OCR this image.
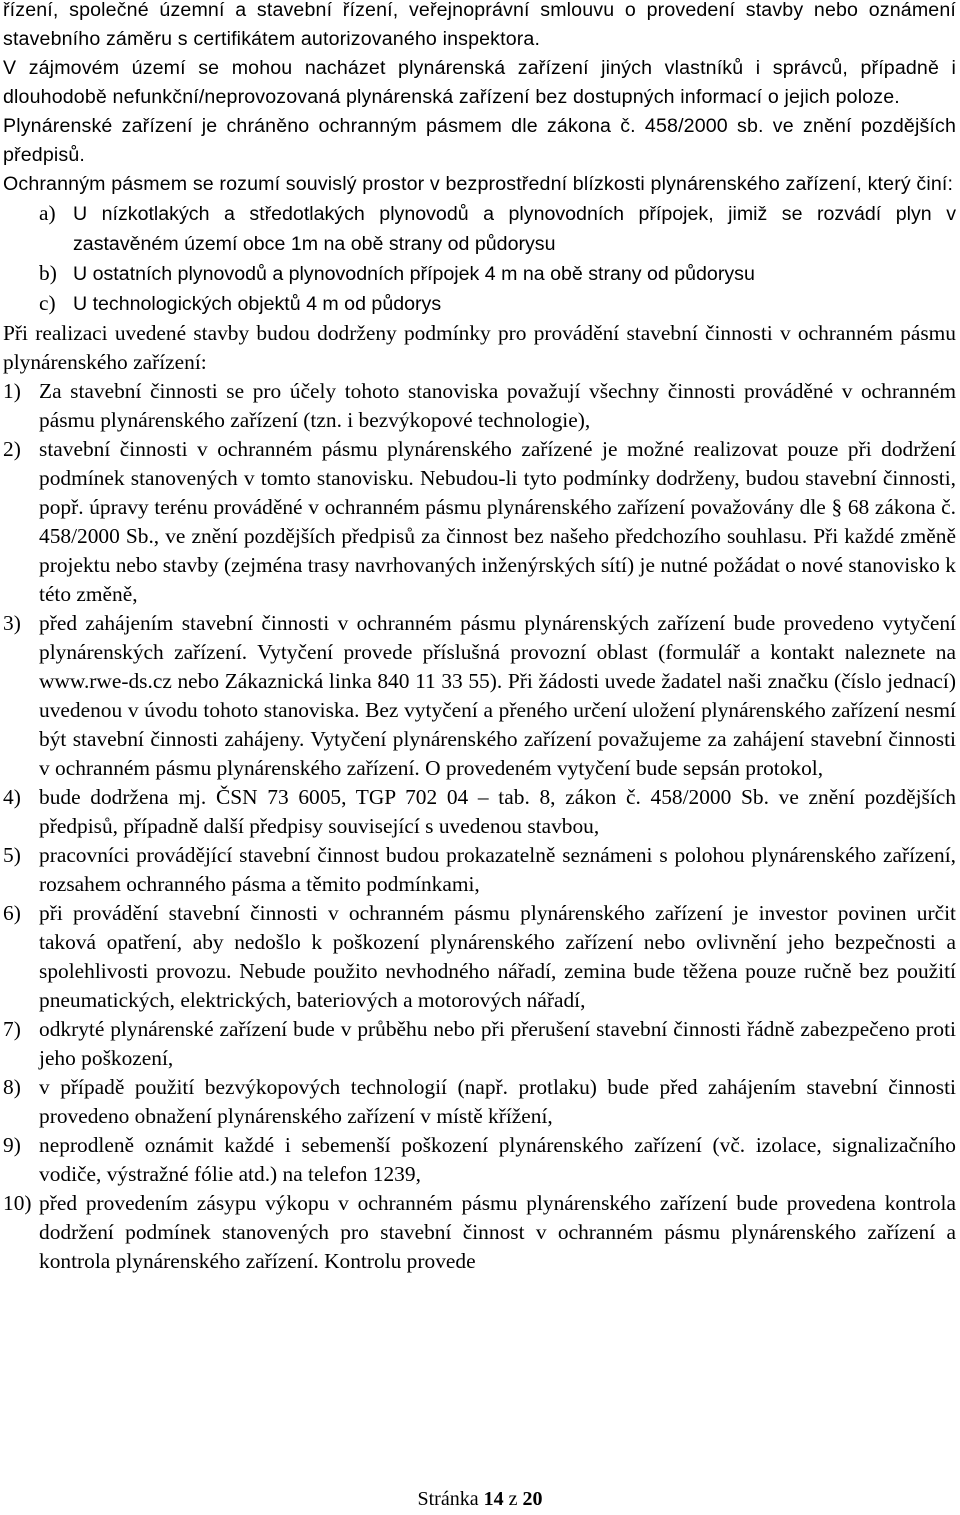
řízení, společné územní a stavební řízení, veřejnoprávní smlouvu o provedení stavby nebo oznámení stavebního záměru s certifikátem autorizovaného inspektora.

V zájmovém území se mohou nacházet plynárenská zařízení jiných vlastníků i správců, případně i dlouhodobě nefunkční/neprovozovaná plynárenská zařízení bez dostupných informací o jejich poloze.

Plynárenské zařízení je chráněno ochranným pásmem dle zákona č. 458/2000 sb. ve znění pozdějších předpisů.

Ochranným pásmem se rozumí souvislý prostor v bezprostřední blízkosti plynárenského zařízení, který činí:

a) U nízkotlakých a středotlakých plynovodů a plynovodních přípojek, jimiž se rozvádí plyn v zastavěném území obce 1m na obě strany od půdorysu
b) U ostatních plynovodů a plynovodních přípojek 4 m na obě strany od půdorysu
c) U technologických objektů 4 m od půdorys

Při realizaci uvedené stavby budou dodrženy podmínky pro provádění stavební činnosti v ochranném pásmu plynárenského zařízení:

1) Za stavební činnosti se pro účely tohoto stanoviska považují všechny činnosti prováděné v ochranném pásmu plynárenského zařízení (tzn. i bezvýkopové technologie),
2) stavební činnosti v ochranném pásmu plynárenského zařízené je možné realizovat pouze při dodržení podmínek stanovených v tomto stanovisku. Nebudou-li tyto podmínky dodrženy, budou stavební činnosti, popř. úpravy terénu prováděné v ochranném pásmu plynárenského zařízení považovány dle § 68 zákona č. 458/2000 Sb., ve znění pozdějších předpisů za činnost bez našeho předchozího souhlasu. Při každé změně projektu nebo stavby (zejména trasy navrhovaných inženýrských sítí) je nutné požádat o nové stanovisko k této změně,
3) před zahájením stavební činnosti v ochranném pásmu plynárenských zařízení bude provedeno vytyčení plynárenských zařízení. Vytyčení provede příslušná provozní oblast (formulář a kontakt naleznete na www.rwe-ds.cz nebo Zákaznická linka 840 11 33 55). Při žádosti uvede žadatel naši značku (číslo jednací) uvedenou v úvodu tohoto stanoviska. Bez vytyčení a přeného určení uložení plynárenského zařízení nesmí být stavební činnosti zahájeny. Vytyčení plynárenského zařízení považujeme za zahájení stavební činnosti v ochranném pásmu plynárenského zařízení. O provedeném vytyčení bude sepsán protokol,
4) bude dodržena mj. ČSN 73 6005, TGP 702 04 – tab. 8, zákon č. 458/2000 Sb. ve znění pozdějších předpisů, případně další předpisy související s uvedenou stavbou,
5) pracovníci provádějící stavební činnost budou prokazatelně seznámeni s polohou plynárenského zařízení, rozsahem ochranného pásma a těmito podmínkami,
6) při provádění stavební činnosti v ochranném pásmu plynárenského zařízení je investor povinen určit taková opatření, aby nedošlo k poškození plynárenského zařízení nebo ovlivnění jeho bezpečnosti a spolehlivosti provozu. Nebude použito nevhodného nářadí, zemina bude těžena pouze ručně bez použití pneumatických, elektrických, bateriových a motorových nářadí,
7) odkryté plynárenské zařízení bude v průběhu nebo při přerušení stavební činnosti řádně zabezpečeno proti jeho poškození,
8) v případě použití bezvýkopových technologií (např. protlaku) bude před zahájením stavební činnosti provedeno obnažení plynárenského zařízení v místě křížení,
9) neprodleně oznámit každé i sebemenší poškození plynárenského zařízení (vč. izolace, signalizačního vodiče, výstražné fólie atd.) na telefon 1239,
10) před provedením zásypu výkopu v ochranném pásmu plynárenského zařízení bude provedena kontrola dodržení podmínek stanovených pro stavební činnost v ochranném pásmu plynárenského zařízení a kontrola plynárenského zařízení. Kontrolu provede
Stránka 14 z 20
